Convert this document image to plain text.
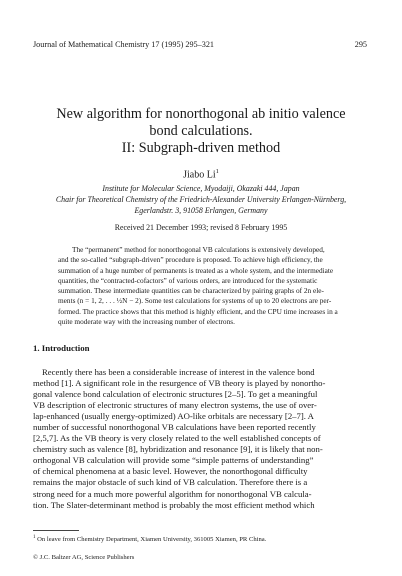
Journal of Mathematical Chemistry 17 (1995) 295–321	295
New algorithm for nonorthogonal ab initio valence
bond calculations.
II: Subgraph-driven method
Jiabo Li$^1$
Institute for Molecular Science, Myodaiji, Okazaki 444, Japan
Chair for Theoretical Chemistry of the Friedrich-Alexander University Erlangen-Nürnberg,
Egerlandstr. 3, 91058 Erlangen, Germany
Received 21 December 1993; revised 8 February 1995
The “permanent” method for nonorthogonal VB calculations is extensively developed,
and the so-called “subgraph-driven” procedure is proposed. To achieve high efficiency, the
summation of a huge number of permanents is treated as a whole system, and the intermediate
quantities, the “contracted-cofactors” of various orders, are introduced for the systematic
summation. These intermediate quantities can be characterized by pairing graphs of 2n ele-
ments (n = 1, 2, . . . ½N − 2). Some test calculations for systems of up to 20 electrons are per-
formed. The practice shows that this method is highly efficient, and the CPU time increases in a
quite moderate way with the increasing number of electrons.
1. Introduction
Recently there has been a considerable increase of interest in the valence bond
method [1]. A significant role in the resurgence of VB theory is played by nonortho-
gonal valence bond calculation of electronic structures [2–5]. To get a meaningful
VB description of electronic structures of many electron systems, the use of over-
lap-enhanced (usually energy-optimized) AO-like orbitals are necessary [2–7]. A
number of successful nonorthogonal VB calculations have been reported recently
[2,5,7]. As the VB theory is very closely related to the well established concepts of
chemistry such as valence [8], hybridization and resonance [9], it is likely that non-
orthogonal VB calculation will provide some “simple patterns of understanding”
of chemical phenomena at a basic level. However, the nonorthogonal difficulty
remains the major obstacle of such kind of VB calculation. Therefore there is a
strong need for a much more powerful algorithm for nonorthogonal VB calcula-
tion. The Slater-determinant method is probably the most efficient method which
$^1$ On leave from Chemistry Department, Xiamen University, 361005 Xiamen, PR China.
© J.C. Baltzer AG, Science Publishers
